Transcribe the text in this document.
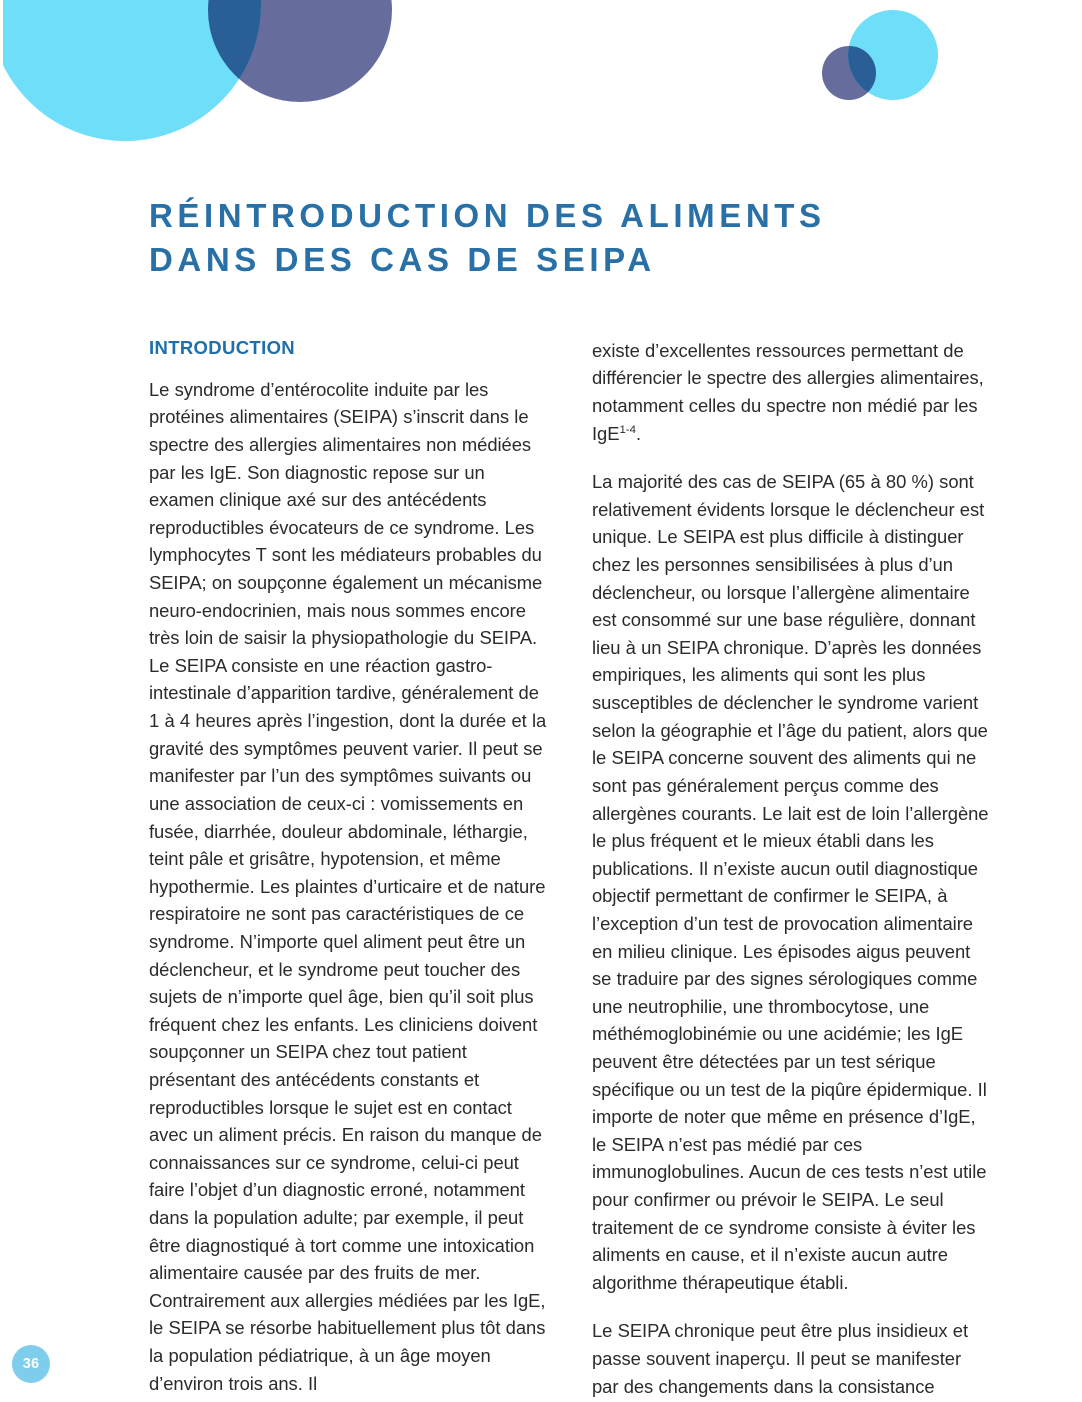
RÉINTRODUCTION DES ALIMENTS DANS DES CAS DE SEIPA
INTRODUCTION

Le syndrome d’entérocolite induite par les protéines alimentaires (SEIPA) s’inscrit dans le spectre des allergies alimentaires non médiées par les IgE. Son diagnostic repose sur un examen clinique axé sur des antécédents reproductibles évocateurs de ce syndrome. Les lymphocytes T sont les médiateurs probables du SEIPA; on soupçonne également un mécanisme neuro-endocrinien, mais nous sommes encore très loin de saisir la physiopathologie du SEIPA. Le SEIPA consiste en une réaction gastro-intestinale d’apparition tardive, généralement de 1 à 4 heures après l’ingestion, dont la durée et la gravité des symptômes peuvent varier. Il peut se manifester par l’un des symptômes suivants ou une association de ceux-ci : vomissements en fusée, diarrhée, douleur abdominale, léthargie, teint pâle et grisâtre, hypotension, et même hypothermie. Les plaintes d’urticaire et de nature respiratoire ne sont pas caractéristiques de ce syndrome. N’importe quel aliment peut être un déclencheur, et le syndrome peut toucher des sujets de n’importe quel âge, bien qu’il soit plus fréquent chez les enfants. Les cliniciens doivent soupçonner un SEIPA chez tout patient présentant des antécédents constants et reproductibles lorsque le sujet est en contact avec un aliment précis. En raison du manque de connaissances sur ce syndrome, celui-ci peut faire l’objet d’un diagnostic erroné, notamment dans la population adulte; par exemple, il peut être diagnostiqué à tort comme une intoxication alimentaire causée par des fruits de mer. Contrairement aux allergies médiées par les IgE, le SEIPA se résorbe habituellement plus tôt dans la population pédiatrique, à un âge moyen d’environ trois ans. Il

existe d’excellentes ressources permettant de différencier le spectre des allergies alimentaires, notamment celles du spectre non médié par les IgE$^{1-4}$.

La majorité des cas de SEIPA (65 à 80 %) sont relativement évidents lorsque le déclencheur est unique. Le SEIPA est plus difficile à distinguer chez les personnes sensibilisées à plus d’un déclencheur, ou lorsque l’allergène alimentaire est consommé sur une base régulière, donnant lieu à un SEIPA chronique. D’après les données empiriques, les aliments qui sont les plus susceptibles de déclencher le syndrome varient selon la géographie et l’âge du patient, alors que le SEIPA concerne souvent des aliments qui ne sont pas généralement perçus comme des allergènes courants. Le lait est de loin l’allergène le plus fréquent et le mieux établi dans les publications. Il n’existe aucun outil diagnostique objectif permettant de confirmer le SEIPA, à l’exception d’un test de provocation alimentaire en milieu clinique. Les épisodes aigus peuvent se traduire par des signes sérologiques comme une neutrophilie, une thrombocytose, une méthémoglobinémie ou une acidémie; les IgE peuvent être détectées par un test sérique spécifique ou un test de la piqûre épidermique. Il importe de noter que même en présence d’IgE, le SEIPA n’est pas médié par ces immunoglobulines. Aucun de ces tests n’est utile pour confirmer ou prévoir le SEIPA. Le seul traitement de ce syndrome consiste à éviter les aliments en cause, et il n’existe aucun autre algorithme thérapeutique établi.

Le SEIPA chronique peut être plus insidieux et passe souvent inaperçu. Il peut se manifester par des changements dans la consistance

36
